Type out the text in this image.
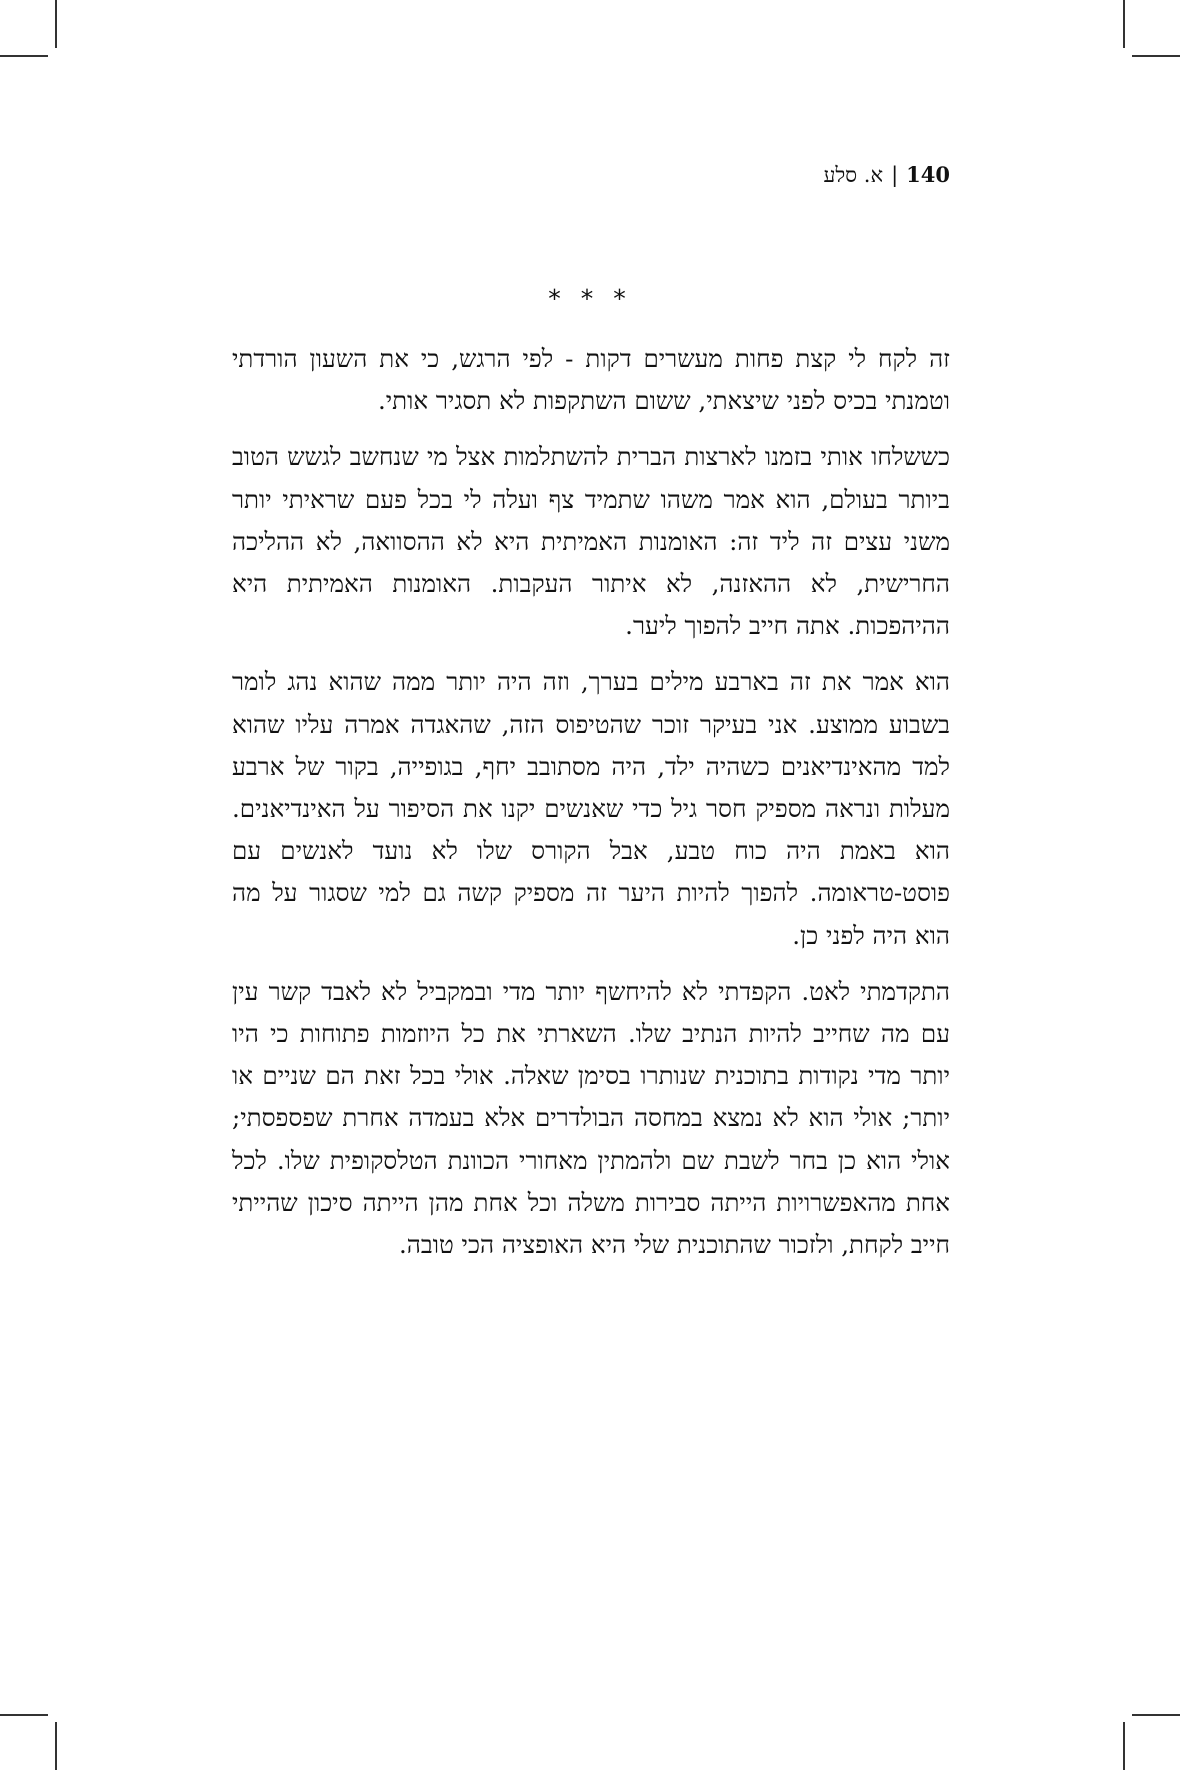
140|א. סלע
* * *

זה לקח לי קצת פחות מעשרים דקות - לפי הרגש, כי את השעון הורדתי וטמנתי בכיס לפני שיצאתי, ששום השתקפות לא תסגיר אותי.

כששלחו אותי בזמנו לארצות הברית להשתלמות אצל מי שנחשב לגשש הטוב ביותר בעולם, הוא אמר משהו שתמיד צף ועלה לי בכל פעם שראיתי יותר משני עצים זה ליד זה: האומנות האמיתית היא לא ההסוואה, לא ההליכה החרישית, לא ההאזנה, לא איתור העקבות. האומנות האמיתית היא ההיהפכות. אתה חייב להפוך ליער.

הוא אמר את זה בארבע מילים בערך, וזה היה יותר ממה שהוא נהג לומר בשבוע ממוצע. אני בעיקר זוכר שהטיפוס הזה, שהאגדה אמרה עליו שהוא למד מהאינדיאנים כשהיה ילד, היה מסתובב יחף, בגופייה, בקור של ארבע מעלות ונראה מספיק חסר גיל כדי שאנשים יקנו את הסיפור על האינדיאנים. הוא באמת היה כוח טבע, אבל הקורס שלו לא נועד לאנשים עם פוסט-טראומה. להפוך להיות היער זה מספיק קשה גם למי שסגור על מה הוא היה לפני כן.

התקדמתי לאט. הקפדתי לא להיחשף יותר מדי ובמקביל לא לאבד קשר עין עם מה שחייב להיות הנתיב שלו. השארתי את כל היוזמות פתוחות כי היו יותר מדי נקודות בתוכנית שנותרו בסימן שאלה. אולי בכל זאת הם שניים או יותר; אולי הוא לא נמצא במחסה הבולדרים אלא בעמדה אחרת שפספסתי; אולי הוא כן בחר לשבת שם ולהמתין מאחורי הכוונת הטלסקופית שלו. לכל אחת מהאפשרויות הייתה סבירות משלה וכל אחת מהן הייתה סיכון שהייתי חייב לקחת, ולזכור שהתוכנית שלי היא האופציה הכי טובה.
